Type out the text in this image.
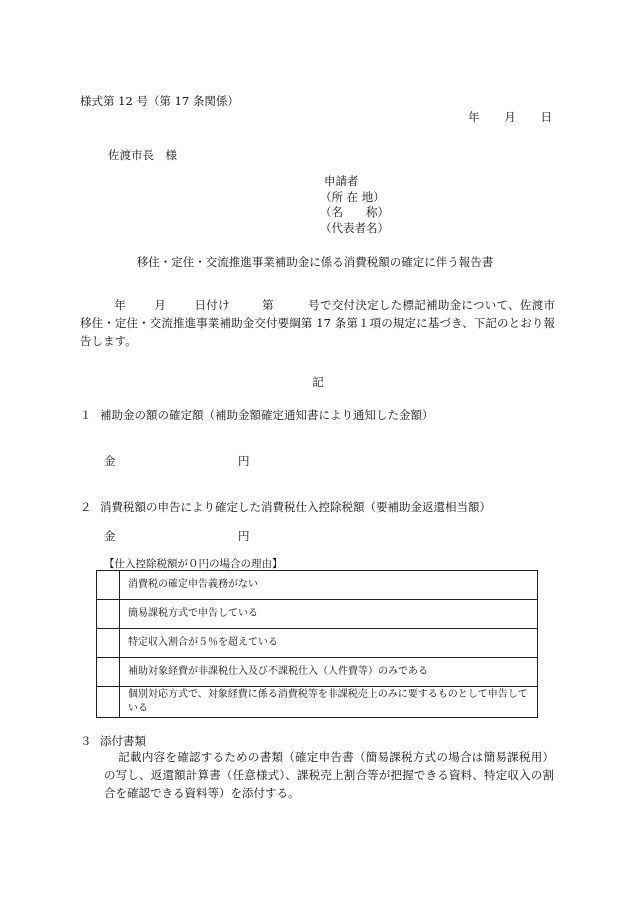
様式第 12 号（第 17 条関係）
年 月 日
佐渡市長　様
申請者
（所 在 地）
（名　　称）
（代表者名）
移住・定住・交流推進事業補助金に係る消費税額の確定に伴う報告書
年 月 日付け	第	号で交付決定した標記補助金について、佐渡市移住・定住・交流推進事業補助金交付要綱第 17 条第１項の規定に基づき、下記のとおり報告します。
記
１ 補助金の額の確定額（補助金額確定通知書により通知した金額）
金	円
２ 消費税額の申告により確定した消費税仕入控除税額（要補助金返還相当額）
金	円
【仕入控除税額が０円の場合の理由】
	消費税の確定申告義務がない
	簡易課税方式で申告している
	特定収入割合が５％を超えている
	補助対象経費が非課税仕入及び不課税仕入（人件費等）のみである
	個別対応方式で、対象経費に係る消費税等を非課税売上のみに要するものとして申告している
３ 添付書類
記載内容を確認するための書類（確定申告書（簡易課税方式の場合は簡易課税用）の写し、返還額計算書（任意様式）、課税売上割合等が把握できる資料、特定収入の割合を確認できる資料等）を添付する。
